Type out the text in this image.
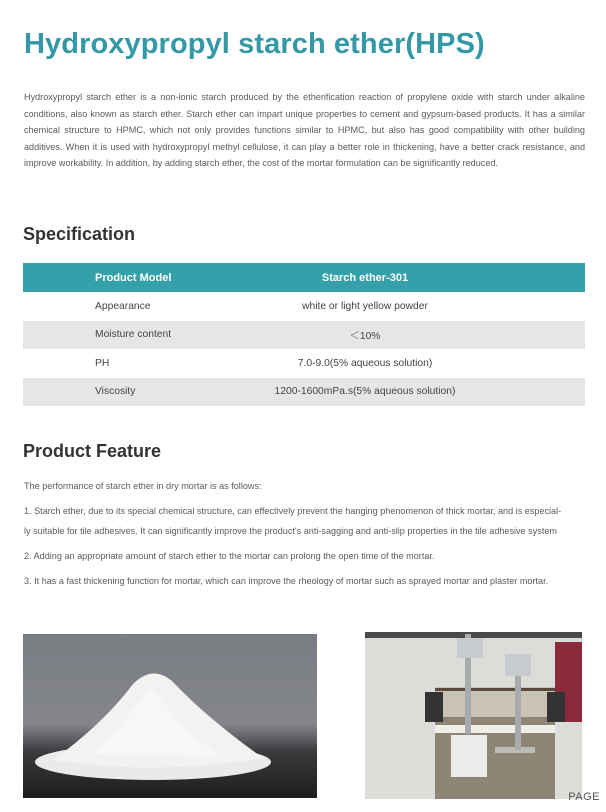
Hydroxypropyl starch ether(HPS)

Hydroxypropyl starch ether is a non-ionic starch produced by the etherification reaction of propylene oxide with starch under alkaline conditions, also known as starch ether. Starch ether can impart unique properties to cement and gypsum-based products. It has a similar chemical structure to HPMC, which not only provides functions similar to HPMC, but also has good compatibility with other building additives. When it is used with hydroxypropyl methyl cellulose, it can play a better role in thickening, have a better crack resistance, and improve workability. In addition, by adding starch ether, the cost of the mortar formulation can be significantly reduced.

Specification
Product Model	Starch ether-301
Appearance	white or light yellow powder
Moisture content	＜10%
PH	7.0-9.0(5% aqueous solution)
Viscosity	1200-1600mPa.s(5% aqueous solution)
Product Feature

The performance of starch ether in dry mortar is as follows:

1. Starch ether, due to its special chemical structure, can effectively prevent the hanging phenomenon of thick mortar, and is especial-

ly suitable for tile adhesives. It can significantly improve the product's anti-sagging and anti-slip properties in the tile adhesive system

2. Adding an appropriate amount of starch ether to the mortar can prolong the open time of the mortar.

3. It has a fast thickening function for mortar, which can improve the rheology of mortar such as sprayed mortar and plaster mortar.

PAGE
